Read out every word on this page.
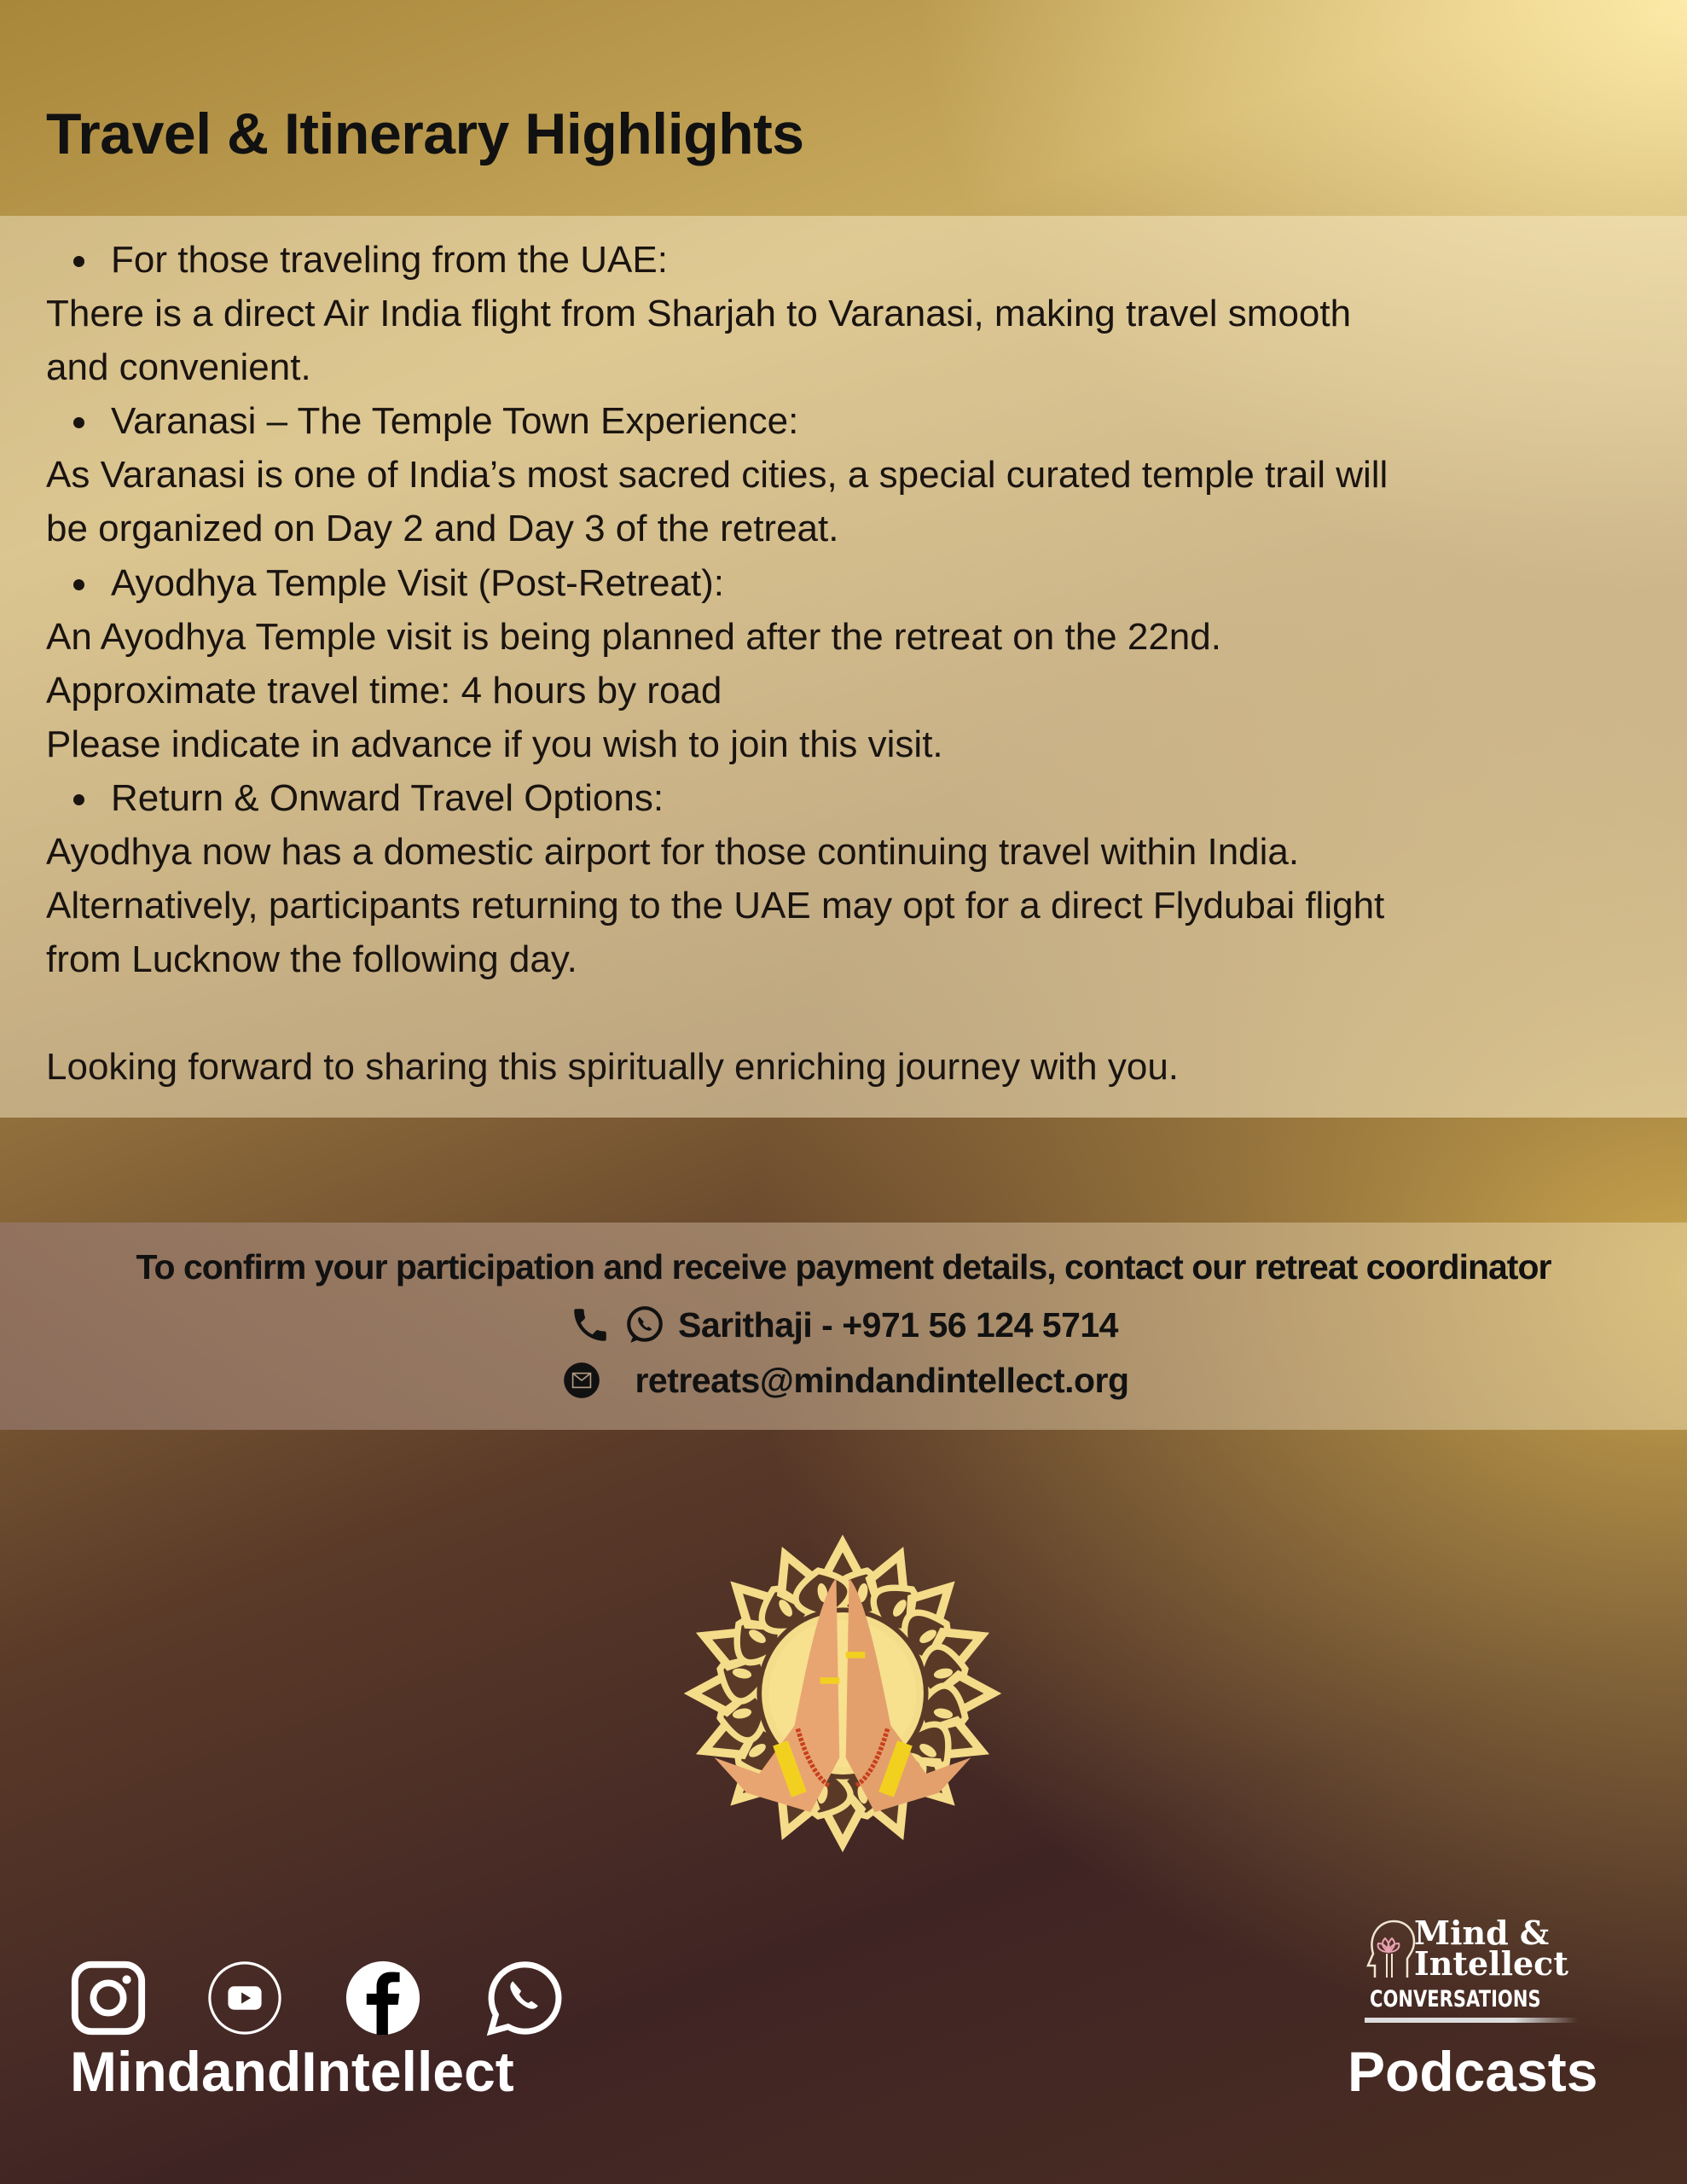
Travel & Itinerary Highlights
For those traveling from the UAE:
There is a direct Air India flight from Sharjah to Varanasi, making travel smooth
and convenient.
Varanasi – The Temple Town Experience:
As Varanasi is one of India’s most sacred cities, a special curated temple trail will
be organized on Day 2 and Day 3 of the retreat.
Ayodhya Temple Visit (Post-Retreat):
An Ayodhya Temple visit is being planned after the retreat on the 22nd.
Approximate travel time: 4 hours by road
Please indicate in advance if you wish to join this visit.
Return & Onward Travel Options:
Ayodhya now has a domestic airport for those continuing travel within India.
Alternatively, participants returning to the UAE may opt for a direct Flydubai flight
from Lucknow the following day.
Looking forward to sharing this spiritually enriching journey with you.
To confirm your participation and receive payment details, contact our retreat coordinator
Sarithaji - +971 56 124 5714
retreats@mindandintellect.org
MindandIntellect
Mind &
Intellect
CONVERSATIONS
Podcasts
